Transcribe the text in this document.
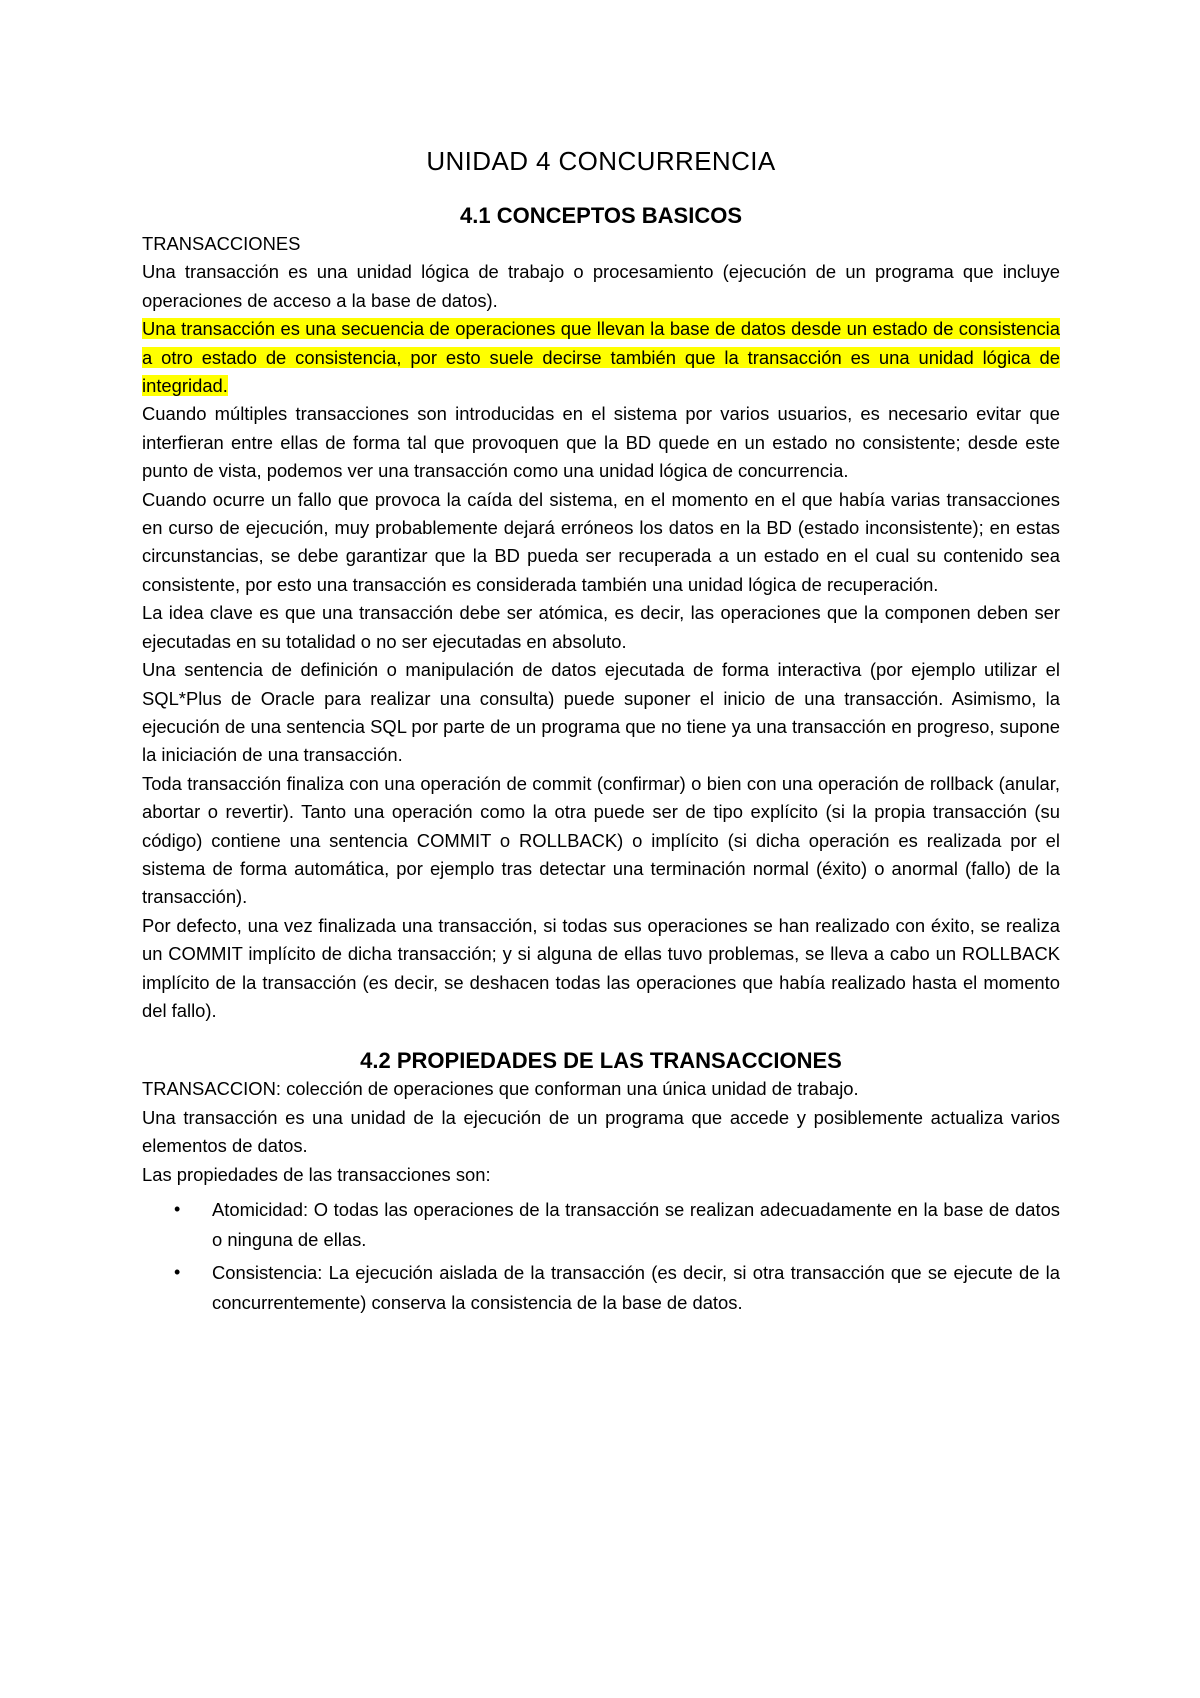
UNIDAD 4 CONCURRENCIA
4.1 CONCEPTOS BASICOS

TRANSACCIONES

Una transacción es una unidad lógica de trabajo o procesamiento (ejecución de un programa que incluye operaciones de acceso a la base de datos).

Una transacción es una secuencia de operaciones que llevan la base de datos desde un estado de consistencia a otro estado de consistencia, por esto suele decirse también que la transacción es una unidad lógica de integridad.

Cuando múltiples transacciones son introducidas en el sistema por varios usuarios, es necesario evitar que interfieran entre ellas de forma tal que provoquen que la BD quede en un estado no consistente; desde este punto de vista, podemos ver una transacción como una unidad lógica de concurrencia.

Cuando ocurre un fallo que provoca la caída del sistema, en el momento en el que había varias transacciones en curso de ejecución, muy probablemente dejará erróneos los datos en la BD (estado inconsistente); en estas circunstancias, se debe garantizar que la BD pueda ser recuperada a un estado en el cual su contenido sea consistente, por esto una transacción es considerada también una unidad lógica de recuperación.

La idea clave es que una transacción debe ser atómica, es decir, las operaciones que la componen deben ser ejecutadas en su totalidad o no ser ejecutadas en absoluto.

Una sentencia de definición o manipulación de datos ejecutada de forma interactiva (por ejemplo utilizar el SQL*Plus de Oracle para realizar una consulta) puede suponer el inicio de una transacción. Asimismo, la ejecución de una sentencia SQL por parte de un programa que no tiene ya una transacción en progreso, supone la iniciación de una transacción.

Toda transacción finaliza con una operación de commit (confirmar) o bien con una operación de rollback (anular, abortar o revertir). Tanto una operación como la otra puede ser de tipo explícito (si la propia transacción (su código) contiene una sentencia COMMIT o ROLLBACK) o implícito (si dicha operación es realizada por el sistema de forma automática, por ejemplo tras detectar una terminación normal (éxito) o anormal (fallo) de la transacción).

Por defecto, una vez finalizada una transacción, si todas sus operaciones se han realizado con éxito, se realiza un COMMIT implícito de dicha transacción; y si alguna de ellas tuvo problemas, se lleva a cabo un ROLLBACK implícito de la transacción (es decir, se deshacen todas las operaciones que había realizado hasta el momento del fallo).

4.2 PROPIEDADES DE LAS TRANSACCIONES

TRANSACCION: colección de operaciones que conforman una única unidad de trabajo.

Una transacción es una unidad de la ejecución de un programa que accede y posiblemente actualiza varios elementos de datos.

Las propiedades de las transacciones son:

• Atomicidad: O todas las operaciones de la transacción se realizan adecuadamente en la base de datos o ninguna de ellas.
• Consistencia: La ejecución aislada de la transacción (es decir, si otra transacción que se ejecute de la concurrentemente) conserva la consistencia de la base de datos.
